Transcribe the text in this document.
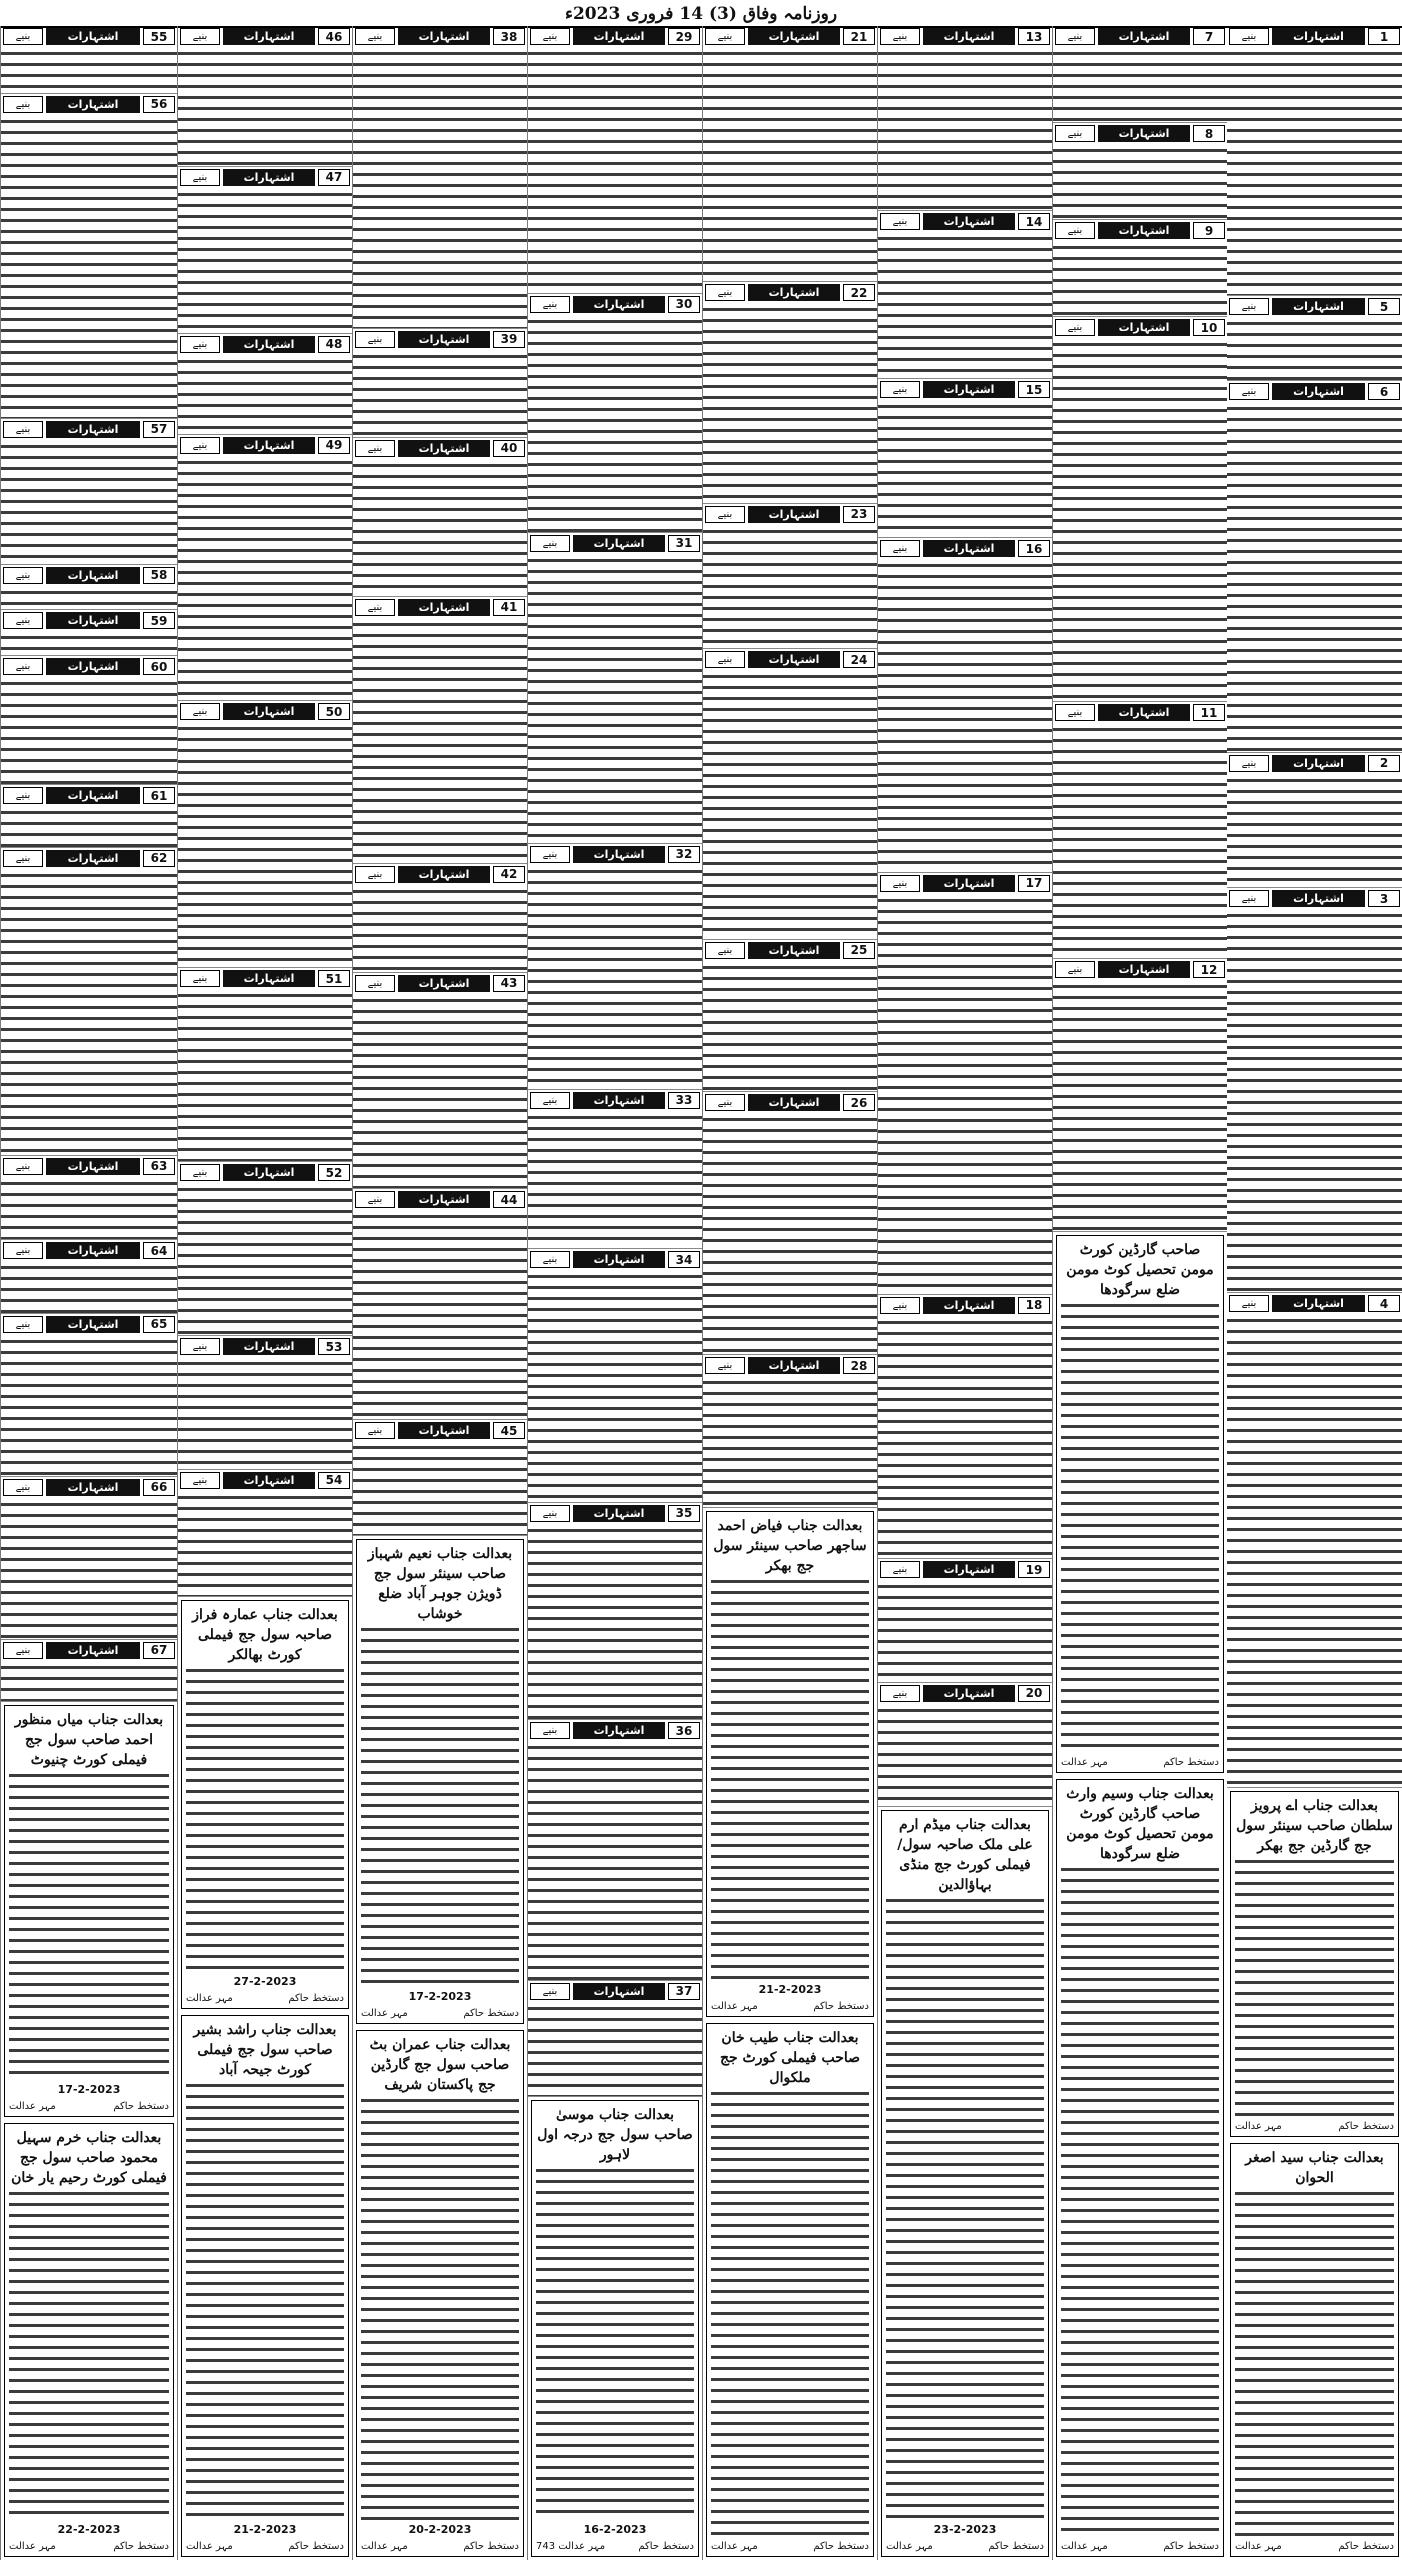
روزنامہ وفاق (3) 14 فروری 2023ء
1
اشتہارات
بنیے
5
اشتہارات
بنیے
6
اشتہارات
بنیے
2
اشتہارات
بنیے
3
اشتہارات
بنیے
4
اشتہارات
بنیے
بعدالت جناب اے پرویز سلطان صاحب سینئر سول جج گارڈین جج بھکر
دستخط حاکم
مہر عدالت
بعدالت جناب سید اصغر الحوان
دستخط حاکم
مہر عدالت
7
اشتہارات
بنیے
8
اشتہارات
بنیے
9
اشتہارات
بنیے
10
اشتہارات
بنیے
11
اشتہارات
بنیے
12
اشتہارات
بنیے
صاحب گارڈین کورٹ مومن تحصیل کوٹ مومن ضلع سرگودھا
دستخط حاکم
مہر عدالت
بعدالت جناب وسیم وارث صاحب گارڈین کورٹ مومن تحصیل کوٹ مومن ضلع سرگودھا
دستخط حاکم
مہر عدالت
13
اشتہارات
بنیے
14
اشتہارات
بنیے
15
اشتہارات
بنیے
16
اشتہارات
بنیے
17
اشتہارات
بنیے
18
اشتہارات
بنیے
19
اشتہارات
بنیے
20
اشتہارات
بنیے
بعدالت جناب میڈم ارم علی ملک صاحبہ سول/فیملی کورٹ جج منڈی بہاؤالدین
23-2-2023
دستخط حاکم
مہر عدالت
21
اشتہارات
بنیے
22
اشتہارات
بنیے
23
اشتہارات
بنیے
24
اشتہارات
بنیے
25
اشتہارات
بنیے
26
اشتہارات
بنیے
28
اشتہارات
بنیے
بعدالت جناب فیاض احمد ساجھر صاحب سینئر سول جج بھکر
21-2-2023
دستخط حاکم
مہر عدالت
بعدالت جناب طیب خان صاحب فیملی کورٹ جج ملکوال
دستخط حاکم
مہر عدالت
29
اشتہارات
بنیے
30
اشتہارات
بنیے
31
اشتہارات
بنیے
32
اشتہارات
بنیے
33
اشتہارات
بنیے
34
اشتہارات
بنیے
35
اشتہارات
بنیے
36
اشتہارات
بنیے
37
اشتہارات
بنیے
بعدالت جناب موسیٰ صاحب سول جج درجہ اول لاہور
16-2-2023
دستخط حاکم
مہر عدالت 743
38
اشتہارات
بنیے
39
اشتہارات
بنیے
40
اشتہارات
بنیے
41
اشتہارات
بنیے
42
اشتہارات
بنیے
43
اشتہارات
بنیے
44
اشتہارات
بنیے
45
اشتہارات
بنیے
بعدالت جناب نعیم شہباز صاحب سینئر سول جج ڈویژن جوہر آباد ضلع خوشاب
17-2-2023
دستخط حاکم
مہر عدالت
بعدالت جناب عمران بٹ صاحب سول جج گارڈین جج پاکستان شریف
20-2-2023
دستخط حاکم
مہر عدالت
46
اشتہارات
بنیے
47
اشتہارات
بنیے
48
اشتہارات
بنیے
49
اشتہارات
بنیے
50
اشتہارات
بنیے
51
اشتہارات
بنیے
52
اشتہارات
بنیے
53
اشتہارات
بنیے
54
اشتہارات
بنیے
بعدالت جناب عمارہ فراز صاحبہ سول جج فیملی کورٹ بھالکر
27-2-2023
دستخط حاکم
مہر عدالت
بعدالت جناب راشد بشیر صاحب سول جج فیملی کورٹ جیحہ آباد
21-2-2023
دستخط حاکم
مہر عدالت
55
اشتہارات
بنیے
56
اشتہارات
بنیے
57
اشتہارات
بنیے
58
اشتہارات
بنیے
59
اشتہارات
بنیے
60
اشتہارات
بنیے
61
اشتہارات
بنیے
62
اشتہارات
بنیے
63
اشتہارات
بنیے
64
اشتہارات
بنیے
65
اشتہارات
بنیے
66
اشتہارات
بنیے
67
اشتہارات
بنیے
بعدالت جناب میاں منظور احمد صاحب سول جج فیملی کورٹ چنیوٹ
17-2-2023
دستخط حاکم
مہر عدالت
بعدالت جناب خرم سہیل محمود صاحب سول جج فیملی کورٹ رحیم یار خان
22-2-2023
دستخط حاکم
مہر عدالت
